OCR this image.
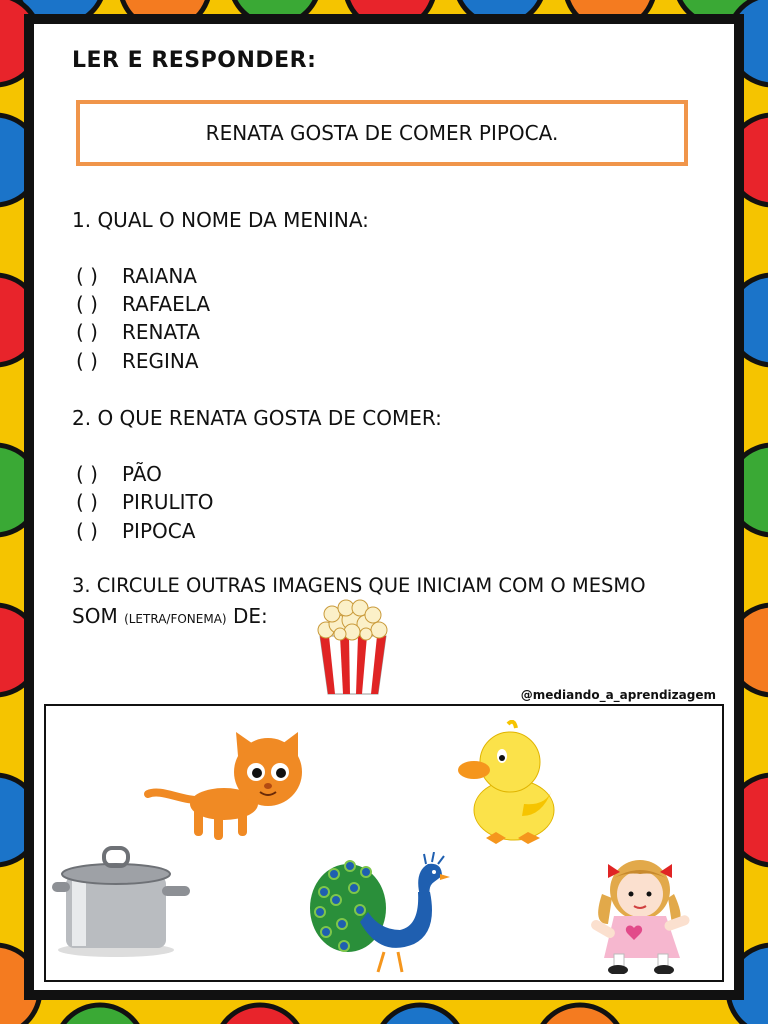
LER E RESPONDER:
RENATA GOSTA DE COMER PIPOCA.
1. QUAL O NOME DA MENINA:
( ) RAIANA
( ) RAFAELA
( ) RENATA
( ) REGINA
2. O QUE RENATA GOSTA DE COMER:
( ) PÃO
( ) PIRULITO
( ) PIPOCA
3. CIRCULE OUTRAS IMAGENS QUE INICIAM COM O MESMO
SOM (LETRA/FONEMA) DE:
@mediando_a_aprendizagem
